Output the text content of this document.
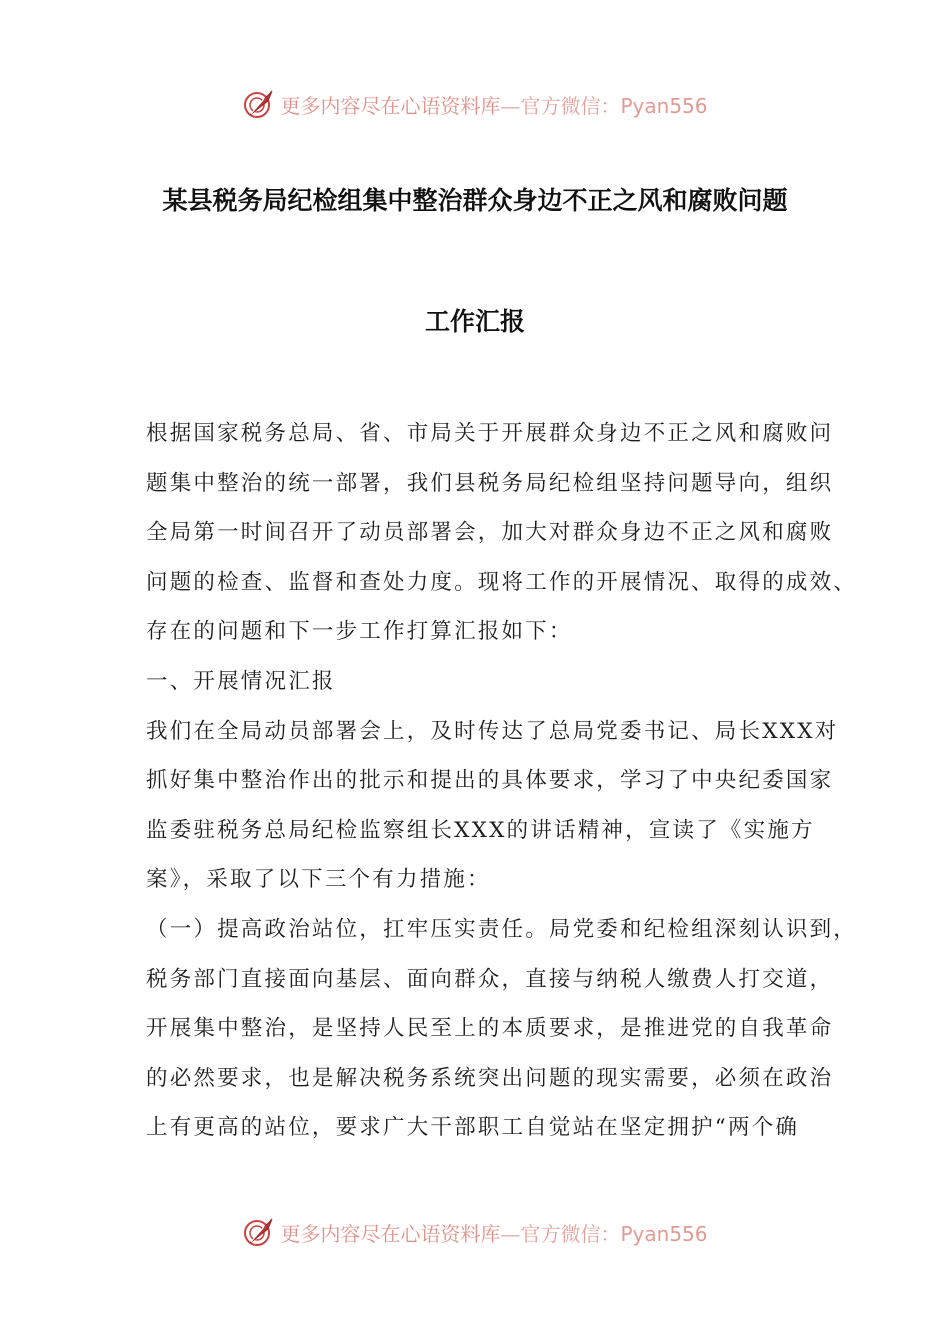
更多内容尽在心语资料库—官方微信：Pyan556
某县税务局纪检组集中整治群众身边不正之风和腐败问题
工作汇报
根据国家税务总局、省、市局关于开展群众身边不正之风和腐败问
题集中整治的统一部署，我们县税务局纪检组坚持问题导向，组织
全局第一时间召开了动员部署会，加大对群众身边不正之风和腐败
问题的检查、监督和查处力度。现将工作的开展情况、取得的成效、
存在的问题和下一步工作打算汇报如下：
一、开展情况汇报
我们在全局动员部署会上，及时传达了总局党委书记、局长XXX对
抓好集中整治作出的批示和提出的具体要求，学习了中央纪委国家
监委驻税务总局纪检监察组长XXX的讲话精神，宣读了《实施方
案》，采取了以下三个有力措施：
（一）提高政治站位，扛牢压实责任。局党委和纪检组深刻认识到，
税务部门直接面向基层、面向群众，直接与纳税人缴费人打交道，
开展集中整治，是坚持人民至上的本质要求，是推进党的自我革命
的必然要求，也是解决税务系统突出问题的现实需要，必须在政治
上有更高的站位，要求广大干部职工自觉站在坚定拥护“两个确
更多内容尽在心语资料库—官方微信：Pyan556
